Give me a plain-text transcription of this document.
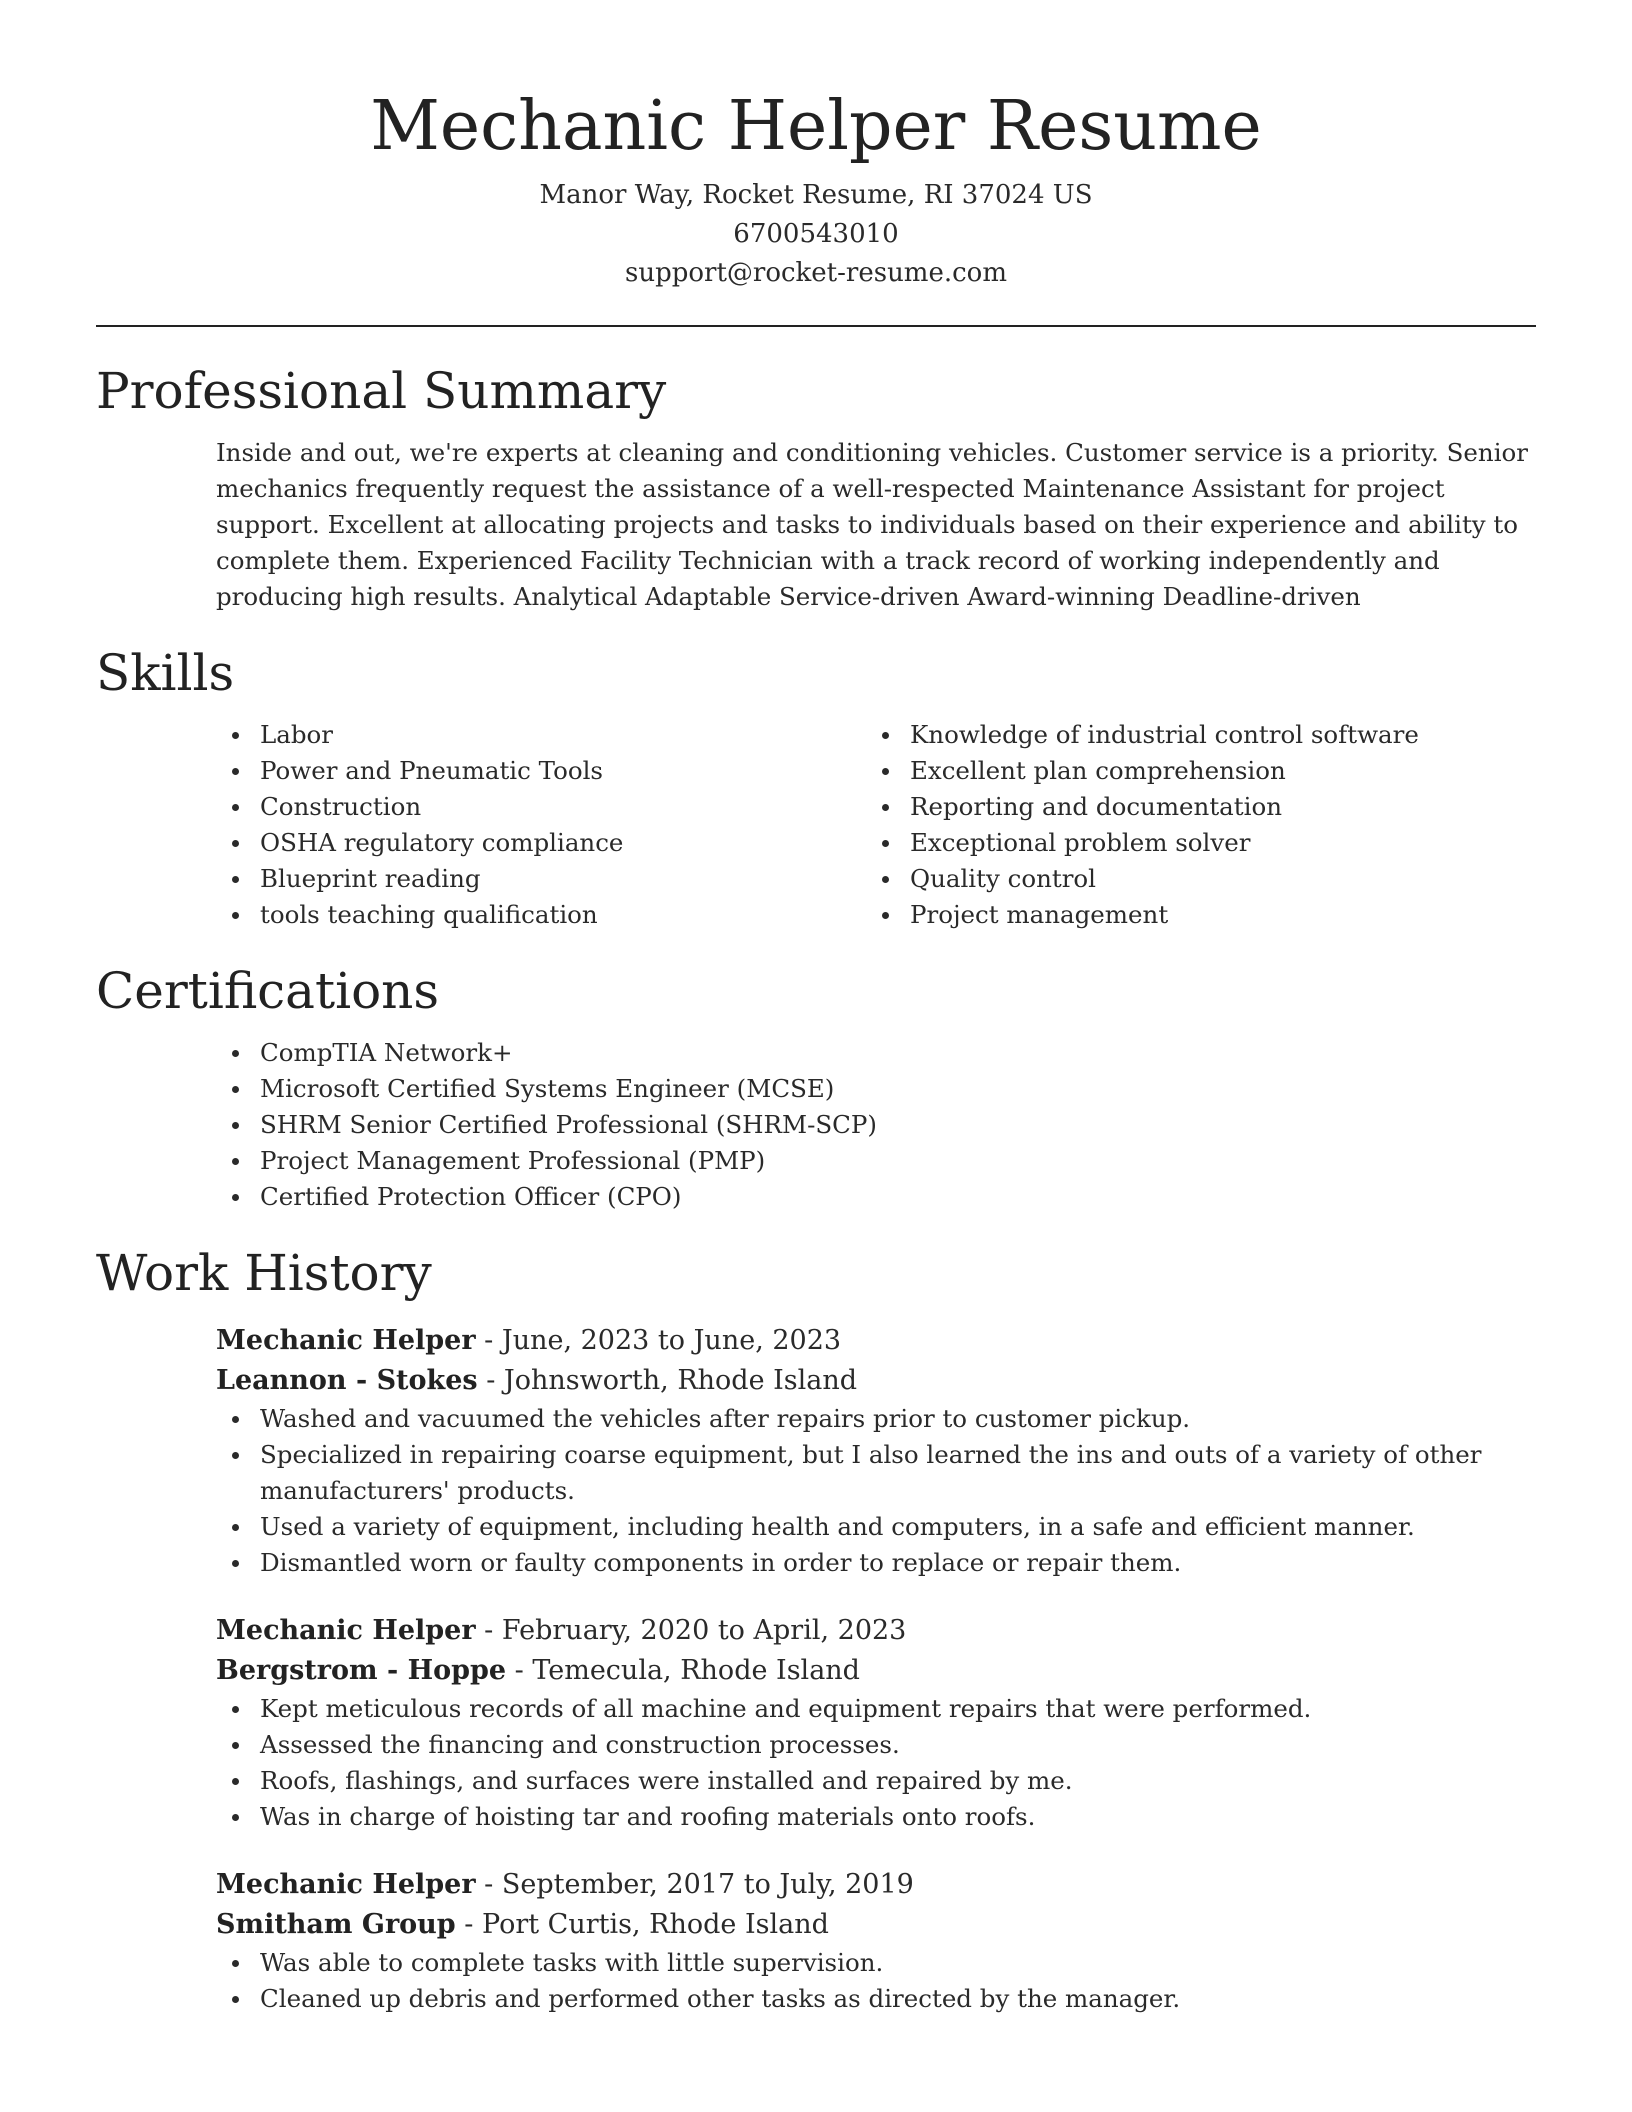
Mechanic Helper Resume

Manor Way, Rocket Resume, RI 37024 US

6700543010

support@rocket-resume.com

Professional Summary

Inside and out, we're experts at cleaning and conditioning vehicles. Customer service is a priority. Senior mechanics frequently request the assistance of a well-respected Maintenance Assistant for project support. Excellent at allocating projects and tasks to individuals based on their experience and ability to complete them. Experienced Facility Technician with a track record of working independently and producing high results. Analytical Adaptable Service-driven Award-winning Deadline-driven

Skills
Labor
Power and Pneumatic Tools
Construction
OSHA regulatory compliance
Blueprint reading
tools teaching qualification
Knowledge of industrial control software
Excellent plan comprehension
Reporting and documentation
Exceptional problem solver
Quality control
Project management
Certifications
CompTIA Network+
Microsoft Certified Systems Engineer (MCSE)
SHRM Senior Certified Professional (SHRM-SCP)
Project Management Professional (PMP)
Certified Protection Officer (CPO)
Work History
Mechanic Helper - June, 2023 to June, 2023
Leannon - Stokes - Johnsworth, Rhode Island
Washed and vacuumed the vehicles after repairs prior to customer pickup.
Specialized in repairing coarse equipment, but I also learned the ins and outs of a variety of other manufacturers' products.
Used a variety of equipment, including health and computers, in a safe and efficient manner.
Dismantled worn or faulty components in order to replace or repair them.
Mechanic Helper - February, 2020 to April, 2023
Bergstrom - Hoppe - Temecula, Rhode Island
Kept meticulous records of all machine and equipment repairs that were performed.
Assessed the financing and construction processes.
Roofs, flashings, and surfaces were installed and repaired by me.
Was in charge of hoisting tar and roofing materials onto roofs.
Mechanic Helper - September, 2017 to July, 2019
Smitham Group - Port Curtis, Rhode Island
Was able to complete tasks with little supervision.
Cleaned up debris and performed other tasks as directed by the manager.
